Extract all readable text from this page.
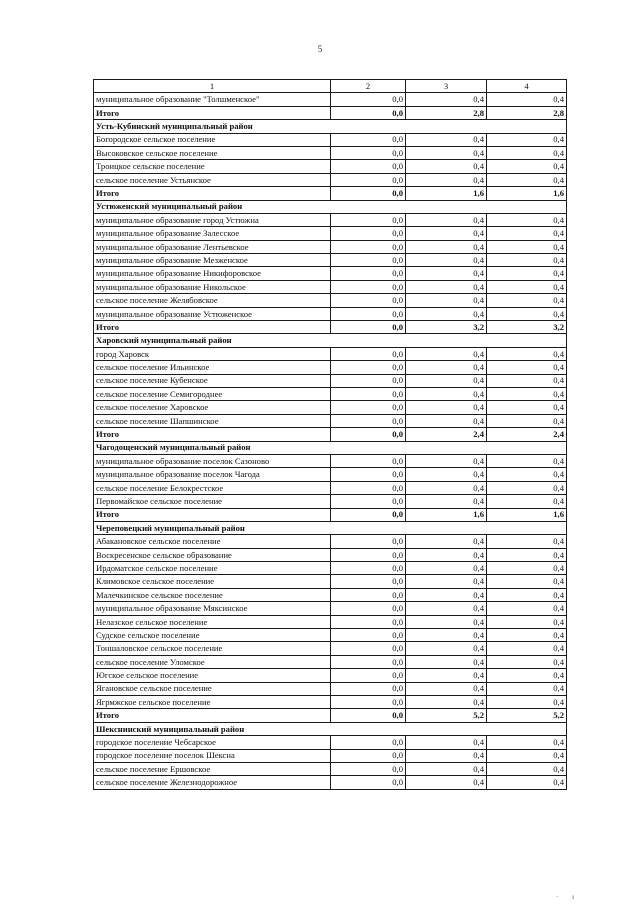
5
1	2	3	4
муниципальное образование "Толшменское"	0,0	0,4	0,4
Итого	0,0	2,8	2,8
Усть-Кубинский муниципальный район			
Богородское сельское поселение	0,0	0,4	0,4
Высоковское сельское поселение	0,0	0,4	0,4
Троицкое сельское поселение	0,0	0,4	0,4
сельское поселение Устьянское	0,0	0,4	0,4
Итого	0,0	1,6	1,6
Устюженский муниципальный район			
муниципальное образование город Устюжна	0,0	0,4	0,4
муниципальное образование Залесское	0,0	0,4	0,4
муниципальное образование Лентьевское	0,0	0,4	0,4
муниципальное образование Мезженское	0,0	0,4	0,4
муниципальное образование Никифоровское	0,0	0,4	0,4
муниципальное образование Никольское	0,0	0,4	0,4
сельское поселение Желябовское	0,0	0,4	0,4
муниципальное образование Устюженское	0,0	0,4	0,4
Итого	0,0	3,2	3,2
Харовский муниципальный район			
город Харовск	0,0	0,4	0,4
сельское поселение Ильинское	0,0	0,4	0,4
сельское поселение Кубенское	0,0	0,4	0,4
сельское поселение Семигороднее	0,0	0,4	0,4
сельское поселение Харовское	0,0	0,4	0,4
сельское поселение Шапшинское	0,0	0,4	0,4
Итого	0,0	2,4	2,4
Чагодощенский муниципальный район			
муниципальное образование поселок Сазоново	0,0	0,4	0,4
муниципальное образование поселок Чагода	0,0	0,4	0,4
сельское поселение Белокрестское	0,0	0,4	0,4
Первомайское сельское поселение	0,0	0,4	0,4
Итого	0,0	1,6	1,6
Череповецкий муниципальный район			
Абакановское сельское поселение	0,0	0,4	0,4
Воскресенское сельское образование	0,0	0,4	0,4
Ирдоматское сельское поселение	0,0	0,4	0,4
Климовское сельское поселение	0,0	0,4	0,4
Малечкинское сельское поселение	0,0	0,4	0,4
муниципальное образование Мяксинское	0,0	0,4	0,4
Нелазское сельское поселение	0,0	0,4	0,4
Судское сельское поселение	0,0	0,4	0,4
Тоншаловское сельское поселение	0,0	0,4	0,4
сельское поселение Уломское	0,0	0,4	0,4
Югское сельское поселение	0,0	0,4	0,4
Ягановское сельское поселение	0,0	0,4	0,4
Ягрмжское сельское поселение	0,0	0,4	0,4
Итого	0,0	5,2	5,2
Шекснинский муниципальный район			
городское поселение Чебсарское	0,0	0,4	0,4
городское поселение поселок Шексна	0,0	0,4	0,4
сельское поселение Ершовское	0,0	0,4	0,4
сельское поселение Железнодорожное	0,0	0,4	0,4
· ı
